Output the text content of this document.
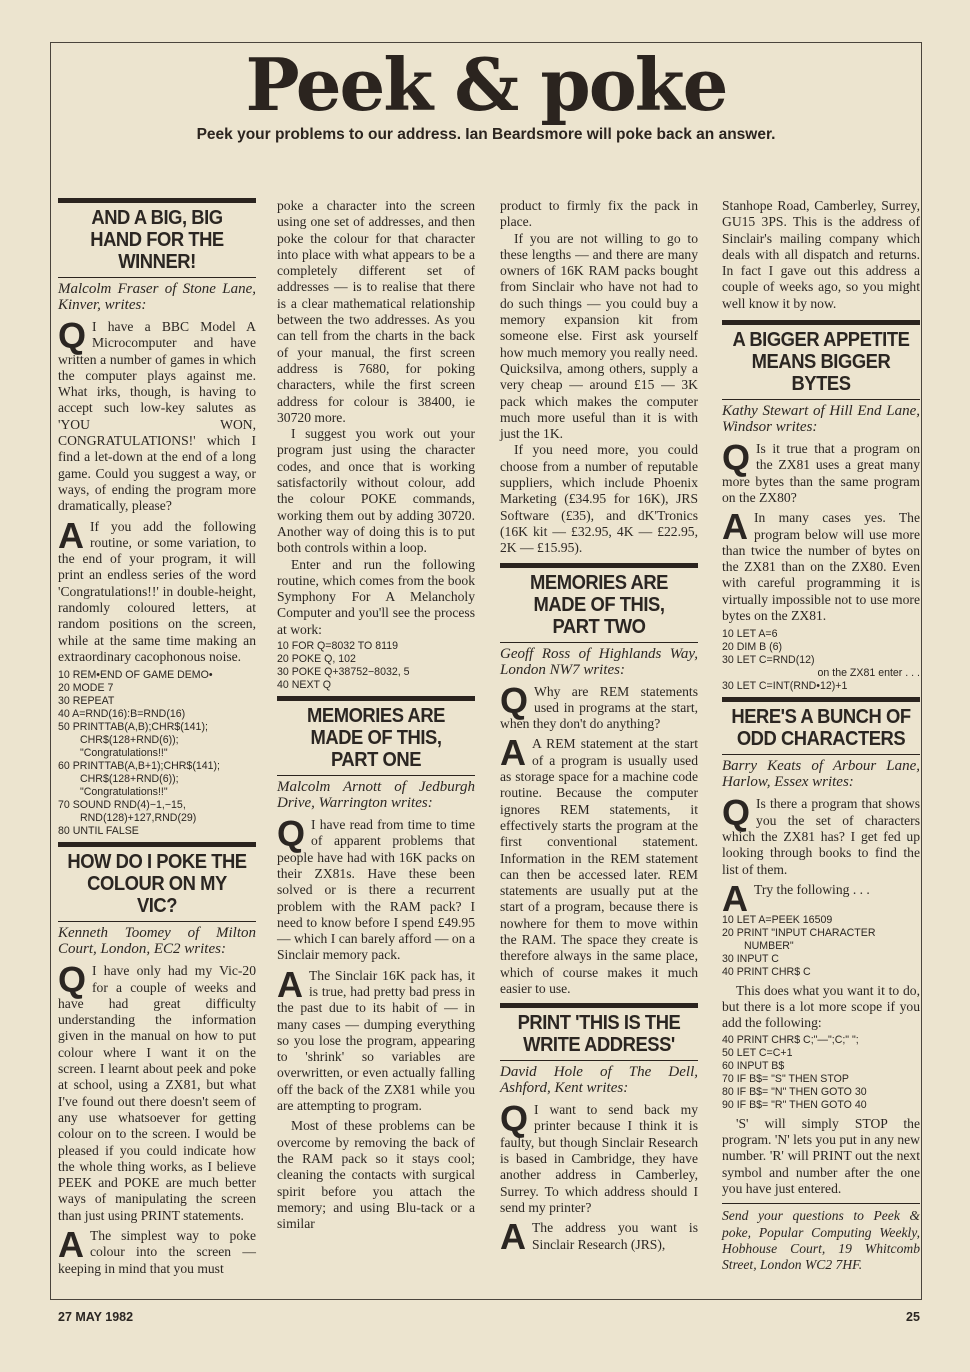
Peek & poke
Peek your problems to our address. Ian Beardsmore will poke back an answer.
AND A BIG, BIG HAND FOR THE WINNER!
Malcolm Fraser of Stone Lane, Kinver, writes:
Q I have a BBC Model A Microcomputer and have written a number of games in which the computer plays against me. What irks, though, is having to accept such low-key salutes as 'YOU WON, CONGRATULATIONS!' which I find a let-down at the end of a long game. Could you suggest a way, or ways, of ending the program more dramatically, please?
A If you add the following routine, or some variation, to the end of your program, it will print an endless series of the word 'Congratulations!!' in double-height, randomly coloured letters, at random positions on the screen, while at the same time making an extraordinary cacophonous noise.
10 REM•END OF GAME DEMO•
20 MODE 7
30 REPEAT
40 A=RND(16):B=RND(16)
50 PRINTTAB(A,B);CHR$(141); CHR$(128+RND(6)); "Congratulations!!"
60 PRINTTAB(A,B+1);CHR$(141); CHR$(128+RND(6)); "Congratulations!!"
70 SOUND RND(4)−1,−15, RND(128)+127,RND(29)
80 UNTIL FALSE
HOW DO I POKE THE COLOUR ON MY VIC?
Kenneth Toomey of Milton Court, London, EC2 writes:
Q I have only had my Vic-20 for a couple of weeks and have had great difficulty understanding the information given in the manual on how to put colour where I want it on the screen. I learnt about peek and poke at school, using a ZX81, but what I've found out there doesn't seem of any use whatsoever for getting colour on to the screen. I would be pleased if you could indicate how the whole thing works, as I believe PEEK and POKE are much better ways of manipulating the screen than just using PRINT statements.
A The simplest way to poke colour into the screen — keeping in mind that you must

poke a character into the screen using one set of addresses, and then poke the colour for that character into place with what appears to be a completely different set of addresses — is to realise that there is a clear mathematical relationship between the two addresses. As you can tell from the charts in the back of your manual, the first screen address is 7680, for poking characters, while the first screen address for colour is 38400, ie 30720 more.

I suggest you work out your program just using the character codes, and once that is working satisfactorily without colour, add the colour POKE commands, working them out by adding 30720. Another way of doing this is to put both controls within a loop.

Enter and run the following routine, which comes from the book Symphony For A Melancholy Computer and you'll see the process at work:

10 FOR Q=8032 TO 8119
20 POKE Q, 102
30 POKE Q+38752−8032, 5
40 NEXT Q
MEMORIES ARE MADE OF THIS, PART ONE
Malcolm Arnott of Jedburgh Drive, Warrington writes:
Q I have read from time to time of apparent problems that people have had with 16K packs on their ZX81s. Have these been solved or is there a recurrent problem with the RAM pack? I need to know before I spend £49.95 — which I can barely afford — on a Sinclair memory pack.
A The Sinclair 16K pack has, it is true, had pretty bad press in the past due to its habit of — in many cases — dumping everything so you lose the program, appearing to 'shrink' so variables are overwritten, or even actually falling off the back of the ZX81 while you are attempting to program.

Most of these problems can be overcome by removing the back of the RAM pack so it stays cool; cleaning the contacts with surgical spirit before you attach the memory; and using Blu-tack or a similar

product to firmly fix the pack in place.

If you are not willing to go to these lengths — and there are many owners of 16K RAM packs bought from Sinclair who have not had to do such things — you could buy a memory expansion kit from someone else. First ask yourself how much memory you really need. Quicksilva, among others, supply a very cheap — around £15 — 3K pack which makes the computer much more useful than it is with just the 1K.

If you need more, you could choose from a number of reputable suppliers, which include Phoenix Marketing (£34.95 for 16K), JRS Software (£35), and dK'Tronics (16K kit — £32.95, 4K — £22.95, 2K — £15.95).

MEMORIES ARE MADE OF THIS, PART TWO
Geoff Ross of Highlands Way, London NW7 writes:
Q Why are REM statements used in programs at the start, when they don't do anything?
A A REM statement at the start of a program is usually used as storage space for a machine code routine. Because the computer ignores REM statements, it effectively starts the program at the first conventional statement. Information in the REM statement can then be accessed later. REM statements are usually put at the start of a program, because there is nowhere for them to move within the RAM. The space they create is therefore always in the same place, which of course makes it much easier to use.
PRINT 'THIS IS THE WRITE ADDRESS'
David Hole of The Dell, Ashford, Kent writes:
Q I want to send back my printer because I think it is faulty, but though Sinclair Research is based in Cambridge, they have another address in Camberley, Surrey. To which address should I send my printer?
A The address you want is Sinclair Research (JRS),

Stanhope Road, Camberley, Surrey, GU15 3PS. This is the address of Sinclair's mailing company which deals with all dispatch and returns. In fact I gave out this address a couple of weeks ago, so you might well know it by now.

A BIGGER APPETITE MEANS BIGGER BYTES
Kathy Stewart of Hill End Lane, Windsor writes:
Q Is it true that a program on the ZX81 uses a great many more bytes than the same program on the ZX80?
A In many cases yes. The program below will use more than twice the number of bytes on the ZX81 than on the ZX80. Even with careful programming it is virtually impossible not to use more bytes on the ZX81.
10 LET A=6
20 DIM B (6)
30 LET C=RND(12)
on the ZX81 enter . . .
30 LET C=INT(RND•12)+1
HERE'S A BUNCH OF ODD CHARACTERS
Barry Keats of Arbour Lane, Harlow, Essex writes:
Q Is there a program that shows you the set of characters which the ZX81 has? I get fed up looking through books to find the list of them.
A Try the following . . .
10 LET A=PEEK 16509
20 PRINT "INPUT CHARACTER NUMBER"
30 INPUT C
40 PRINT CHR$ C

This does what you want it to do, but there is a lot more scope if you add the following:

40 PRINT CHR$ C;"—";C;" ";
50 LET C=C+1
60 INPUT B$
70 IF B$= "S" THEN STOP
80 IF B$= "N" THEN GOTO 30
90 IF B$= "R" THEN GOTO 40

'S' will simply STOP the program. 'N' lets you put in any new number. 'R' will PRINT out the next symbol and number after the one you have just entered.

Send your questions to Peek & poke, Popular Computing Weekly, Hobhouse Court, 19 Whitcomb Street, London WC2 7HF.

27 MAY 1982	25
